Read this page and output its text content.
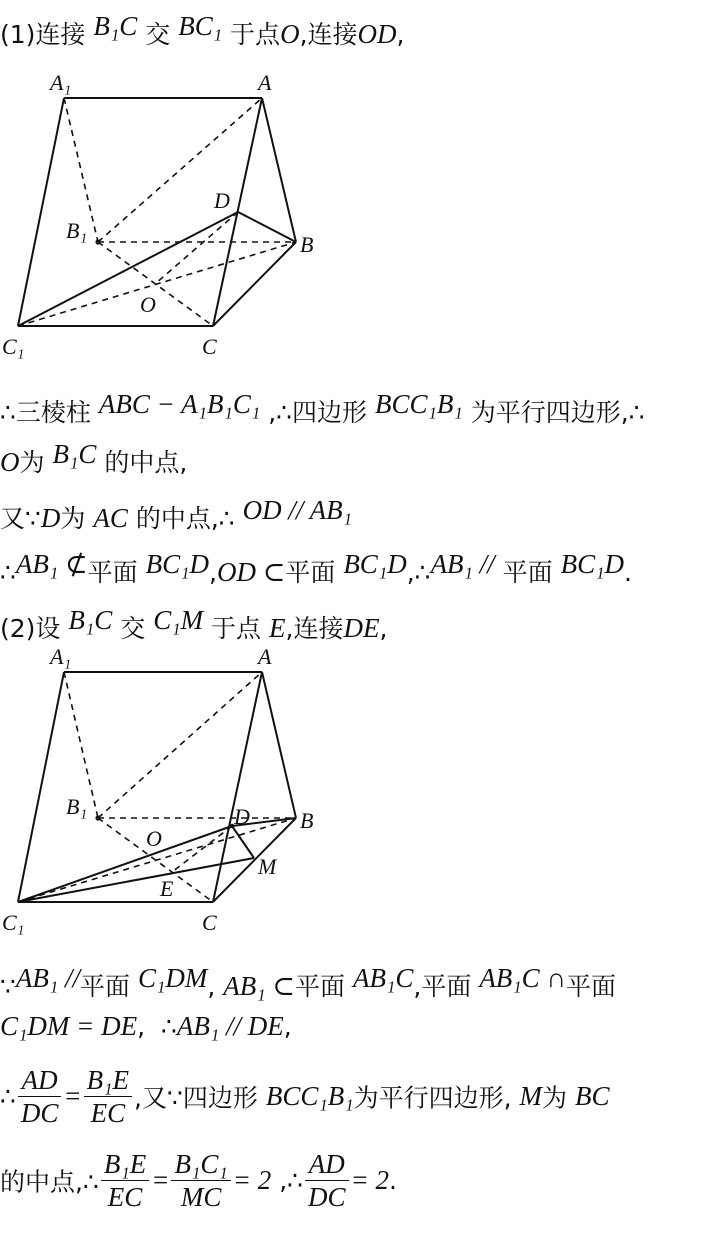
(1)连接 B₁C 交 BC₁ 于点O,连接OD,
A₁	A
D
B₁
B
O
C₁	C
∴三棱柱 ABC − A₁B₁C₁ ,∴四边形 BCC₁B₁ 为平行四边形,∴
O为 B₁C 的中点,
又∵D为 AC 的中点,∴ OD // AB₁
∴AB₁ ⊄平面 BC₁D,OD ⊂平面 BC₁D,∴AB₁ // 平面 BC₁D.
(2)设 B₁C 交 C₁M 于点 E,连接DE,
A₁	A
B₁	D B
O
M
E
C₁	C
∵AB₁ //平面 C₁DM, AB₁ ⊂平面 AB₁C,平面 AB₁C ∩平面
C₁DM = DE, ∴AB₁ // DE,
∴ $\frac{AD}{DC} = \frac{\text{B₁E}}{EC}$ ,又∵四边形 BCC₁B₁为平行四边形, M为 BC
的中点,∴ $\frac{\text{B₁E}}{EC} = \frac{\text{B₁C₁}}{MC} = 2$ ,∴ $\frac{AD}{DC} = 2$.
